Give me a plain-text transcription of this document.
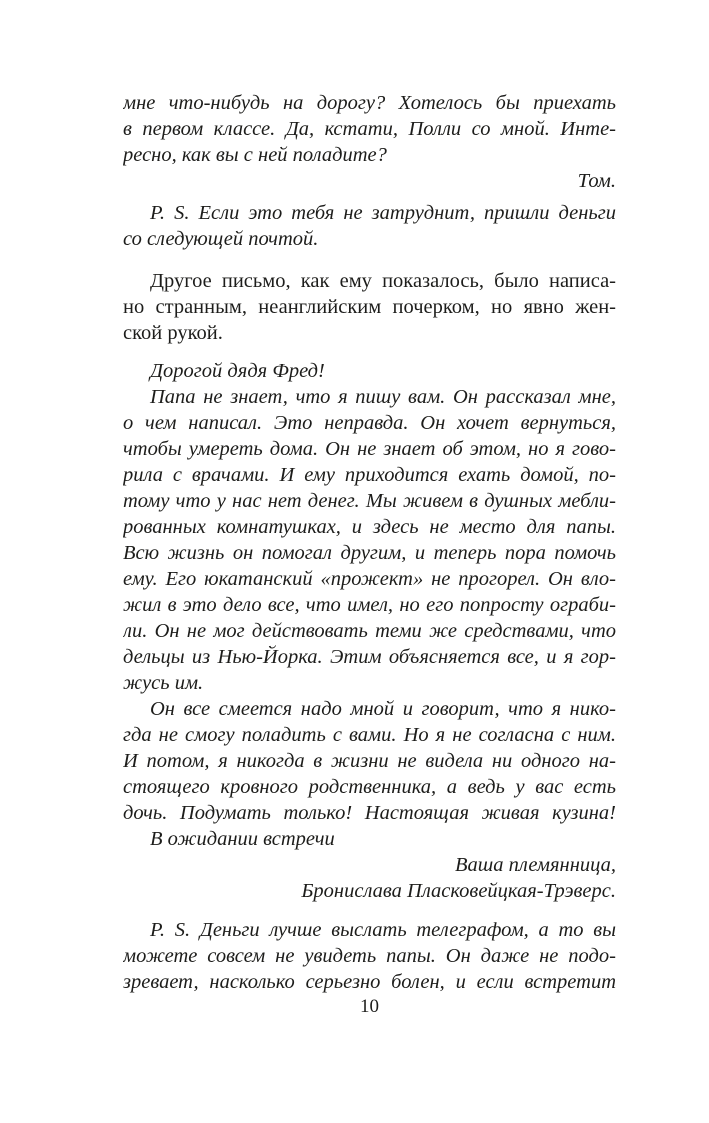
мне что-нибудь на дорогу? Хотелось бы приехать
в первом классе. Да, кстати, Полли со мной. Инте-
ресно, как вы с ней поладите?
Том.
P. S. Если это тебя не затруднит, пришли деньги
со следующей почтой.
Другое письмо, как ему показалось, было написа-
но странным, неанглийским почерком, но явно жен-
ской рукой.
Дорогой дядя Фред!
Папа не знает, что я пишу вам. Он рассказал мне,
о чем написал. Это неправда. Он хочет вернуться,
чтобы умереть дома. Он не знает об этом, но я гово-
рила с врачами. И ему приходится ехать домой, по-
тому что у нас нет денег. Мы живем в душных мебли-
рованных комнатушках, и здесь не место для папы.
Всю жизнь он помогал другим, и теперь пора помочь
ему. Его юкатанский «прожект» не прогорел. Он вло-
жил в это дело все, что имел, но его попросту ограби-
ли. Он не мог действовать теми же средствами, что
дельцы из Нью-Йорка. Этим объясняется все, и я гор-
жусь им.
Он все смеется надо мной и говорит, что я нико-
гда не смогу поладить с вами. Но я не согласна с ним.
И потом, я никогда в жизни не видела ни одного на-
стоящего кровного родственника, а ведь у вас есть
дочь. Подумать только! Настоящая живая кузина!
В ожидании встречи
Ваша племянница,
Бронислава Пласковейцкая-Трэверс.
P. S. Деньги лучше выслать телеграфом, а то вы
можете совсем не увидеть папы. Он даже не подо-
зревает, насколько серьезно болен, и если встретит
10
